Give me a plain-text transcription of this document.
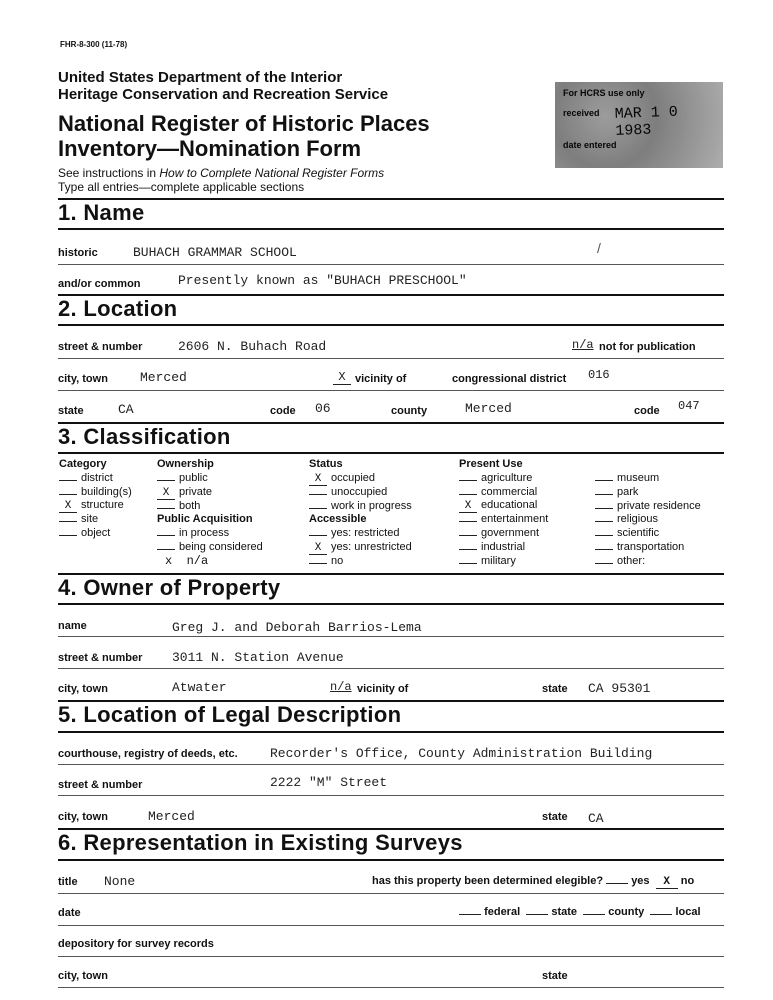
FHR-8-300 (11-78)
United States Department of the Interior
Heritage Conservation and Recreation Service
National Register of Historic Places
Inventory—Nomination Form
See instructions in How to Complete National Register Forms
Type all entries—complete applicable sections
For HCRS use only
received MAR 1 0 1983
date entered
1. Name
historic	BUHACH GRAMMAR SCHOOL	/
and/or common	Presently known as "BUHACH PRESCHOOL"
2. Location
street & number	2606 N. Buhach Road	n/a not for publication
city, town Merced	X vicinity of	congressional district 016
state	CA	code 06	county	Merced	code 047
3. Classification
Category
district
building(s)
X structure
site
object
Ownership
public
X private
both
Public Acquisition
in process
being considered
x n/a
Status
X occupied
unoccupied
work in progress
Accessible
yes: restricted
X yes: unrestricted
no
Present Use
agriculture
commercial
X educational
entertainment
government
industrial
military
museum
park
private residence
religious
scientific
transportation
other:
4. Owner of Property
name	Greg J. and Deborah Barrios-Lema
street & number 3011 N. Station Avenue
city, town	Atwater	n/a vicinity of	state CA 95301
5. Location of Legal Description
courthouse, registry of deeds, etc. Recorder's Office, County Administration Building
street & number	2222 "M" Street
city, town	Merced	state CA
6. Representation in Existing Surveys
title None	has this property been determined elegible?	yes X no
date	federal	state	county	local
depository for survey records
city, town	state
